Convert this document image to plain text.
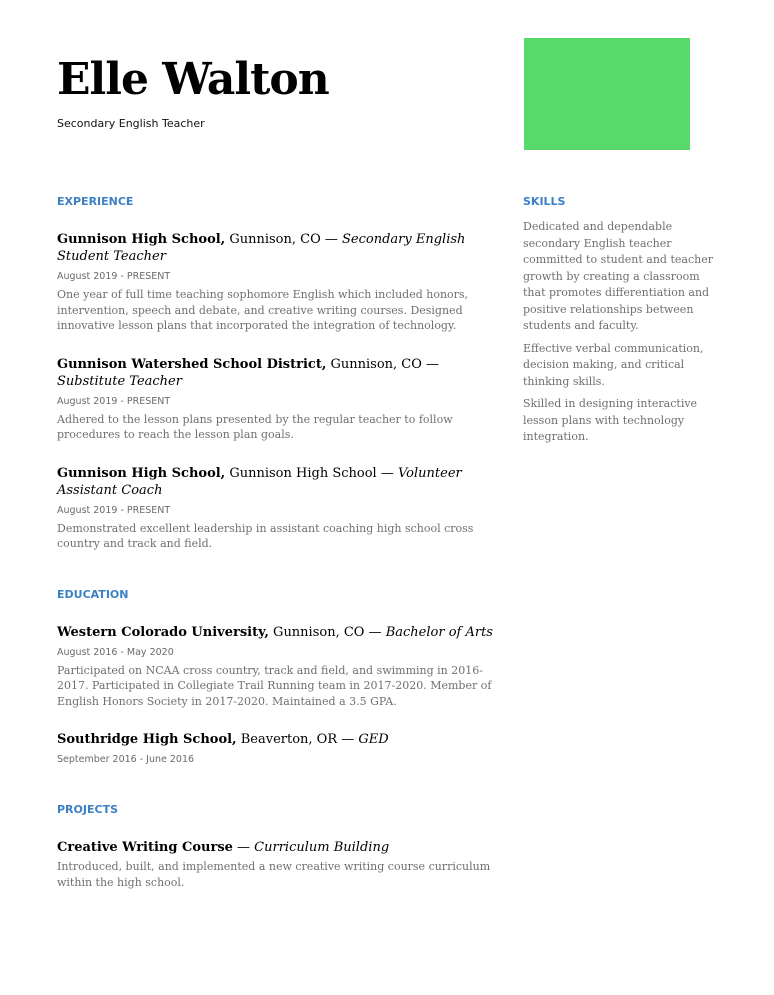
Elle Walton
Secondary English Teacher
EXPERIENCE
Gunnison High School, Gunnison, CO — Secondary English Student Teacher
August 2019 - PRESENT
One year of full time teaching sophomore English which included honors, intervention, speech and debate, and creative writing courses. Designed innovative lesson plans that incorporated the integration of technology.
Gunnison Watershed School District, Gunnison, CO — Substitute Teacher
August 2019 - PRESENT
Adhered to the lesson plans presented by the regular teacher to follow procedures to reach the lesson plan goals.
Gunnison High School, Gunnison High School — Volunteer Assistant Coach
August 2019 - PRESENT
Demonstrated excellent leadership in assistant coaching high school cross country and track and field.
EDUCATION
Western Colorado University, Gunnison, CO — Bachelor of Arts
August 2016 - May 2020
Participated on NCAA cross country, track and field, and swimming in 2016-2017. Participated in Collegiate Trail Running team in 2017-2020. Member of English Honors Society in 2017-2020. Maintained a 3.5 GPA.
Southridge High School, Beaverton, OR — GED
September 2016 - June 2016
PROJECTS
Creative Writing Course — Curriculum Building
Introduced, built, and implemented a new creative writing course curriculum within the high school.
SKILLS
Dedicated and dependable secondary English teacher committed to student and teacher growth by creating a classroom that promotes differentiation and positive relationships between students and faculty.
Effective verbal communication, decision making, and critical thinking skills.
Skilled in designing interactive lesson plans with technology integration.
